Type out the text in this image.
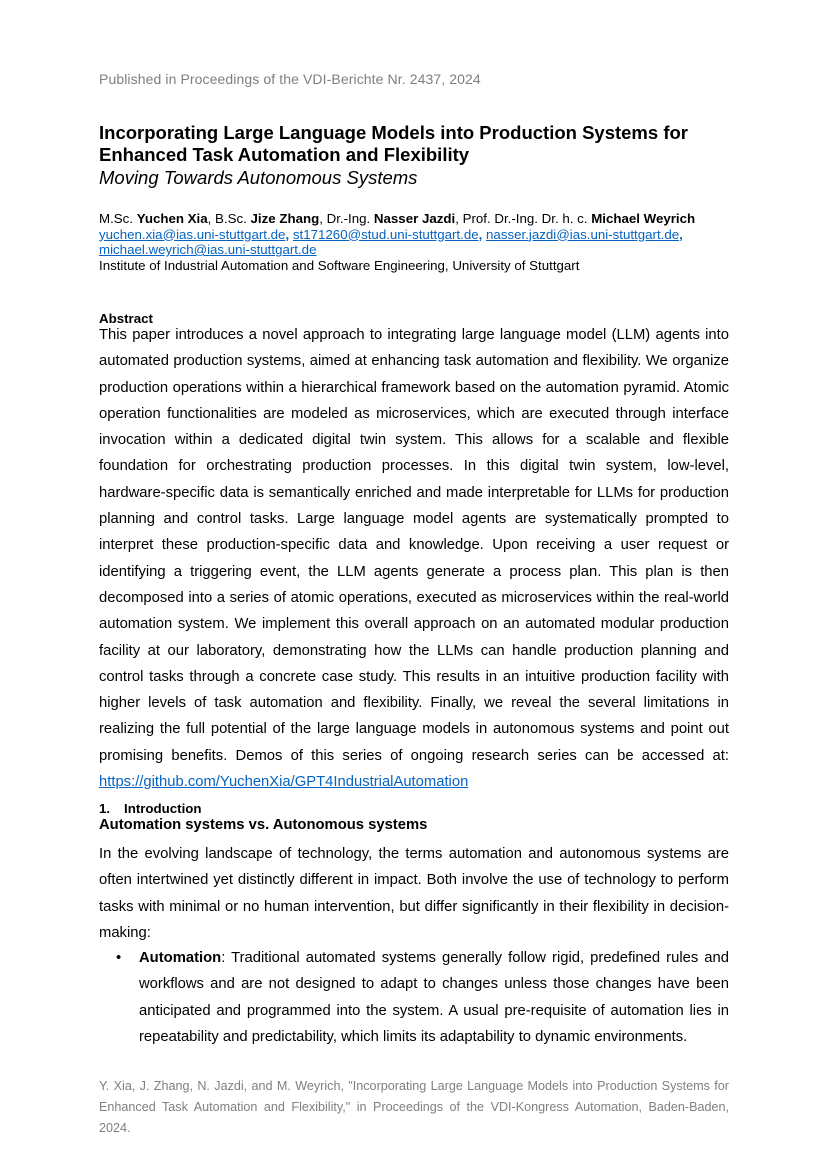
Published in Proceedings of the VDI-Berichte Nr. 2437, 2024

Incorporating Large Language Models into Production Systems for
Enhanced Task Automation and Flexibility

Moving Towards Autonomous Systems

M.Sc. Yuchen Xia, B.Sc. Jize Zhang, Dr.-Ing. Nasser Jazdi, Prof. Dr.-Ing. Dr. h. c. Michael Weyrich
yuchen.xia@ias.uni-stuttgart.de, st171260@stud.uni-stuttgart.de, nasser.jazdi@ias.uni-stuttgart.de,
michael.weyrich@ias.uni-stuttgart.de
Institute of Industrial Automation and Software Engineering, University of Stuttgart
Abstract

This paper introduces a novel approach to integrating large language model (LLM) agents into automated production systems, aimed at enhancing task automation and flexibility. We organize production operations within a hierarchical framework based on the automation pyramid. Atomic operation functionalities are modeled as microservices, which are executed through interface invocation within a dedicated digital twin system. This allows for a scalable and flexible foundation for orchestrating production processes. In this digital twin system, low-level, hardware-specific data is semantically enriched and made interpretable for LLMs for production planning and control tasks. Large language model agents are systematically prompted to interpret these production-specific data and knowledge. Upon receiving a user request or identifying a triggering event, the LLM agents generate a process plan. This plan is then decomposed into a series of atomic operations, executed as microservices within the real-world automation system. We implement this overall approach on an automated modular production facility at our laboratory, demonstrating how the LLMs can handle production planning and control tasks through a concrete case study. This results in an intuitive production facility with higher levels of task automation and flexibility. Finally, we reveal the several limitations in realizing the full potential of the large language models in autonomous systems and point out promising benefits. Demos of this series of ongoing research series can be accessed at: https://github.com/YuchenXia/GPT4IndustrialAutomation

1. Introduction
Automation systems vs. Autonomous systems

In the evolving landscape of technology, the terms automation and autonomous systems are often intertwined yet distinctly different in impact. Both involve the use of technology to perform tasks with minimal or no human intervention, but differ significantly in their flexibility in decision-making:

• Automation: Traditional automated systems generally follow rigid, predefined rules and workflows and are not designed to adapt to changes unless those changes have been anticipated and programmed into the system. A usual pre-requisite of automation lies in repeatability and predictability, which limits its adaptability to dynamic environments.
Y. Xia, J. Zhang, N. Jazdi, and M. Weyrich, "Incorporating Large Language Models into Production Systems for Enhanced Task Automation and Flexibility," in Proceedings of the VDI-Kongress Automation, Baden-Baden, 2024.
